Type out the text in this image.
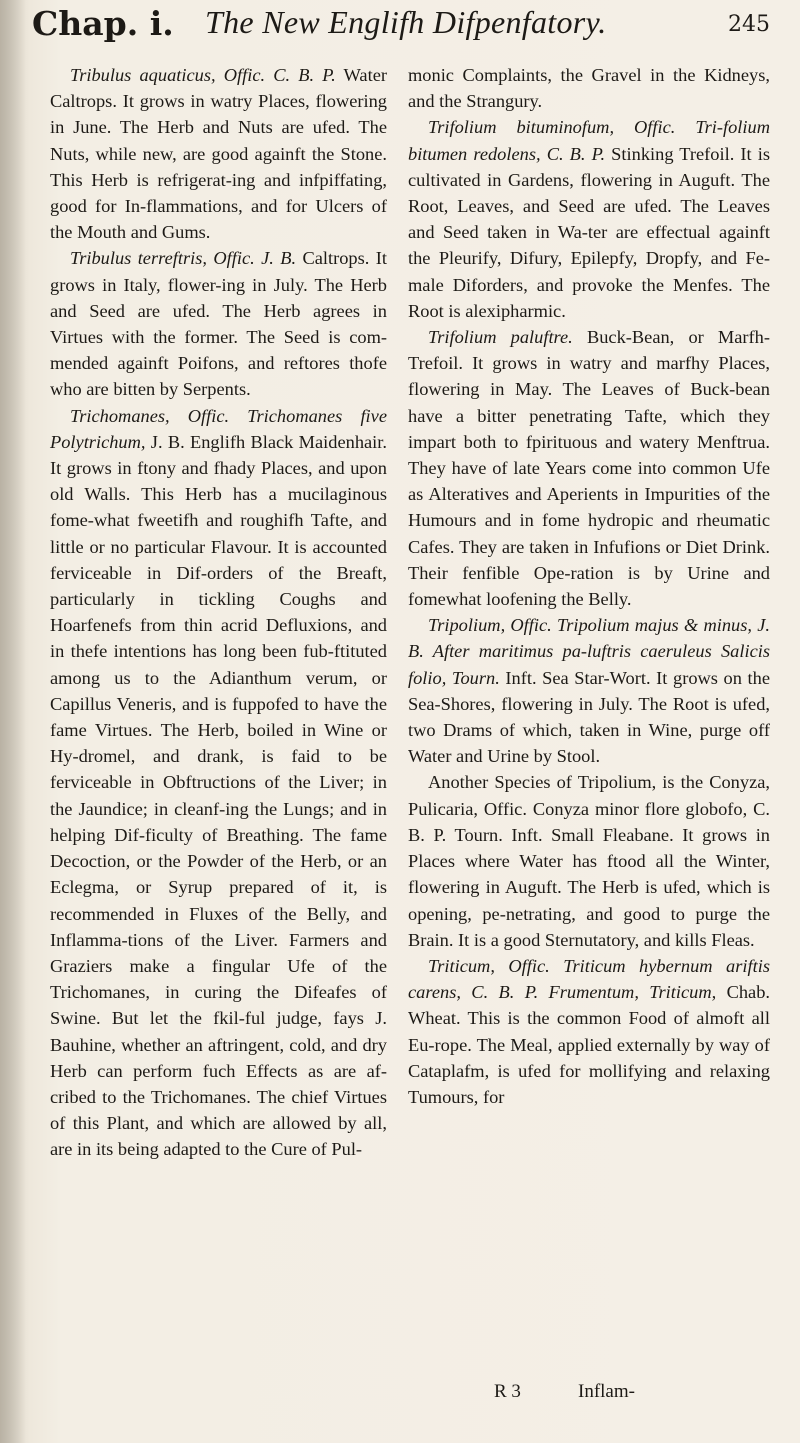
Chap. i. The New Englifh Difpenfatory.	245

Tribulus aquaticus, Offic. C. B. P. Water Caltrops. It grows in watry Places, flowering in June. The Herb and Nuts are ufed. The Nuts, while new, are good againft the Stone. This Herb is refrigerat-ing and infpiffating, good for In-flammations, and for Ulcers of the Mouth and Gums.

Tribulus terreftris, Offic. J. B. Caltrops. It grows in Italy, flower-ing in July. The Herb and Seed are ufed. The Herb agrees in Virtues with the former. The Seed is com-mended againft Poifons, and reftores thofe who are bitten by Serpents.

Trichomanes, Offic. Trichomanes five Polytrichum, J. B. Englifh Black Maidenhair. It grows in ftony and fhady Places, and upon old Walls. This Herb has a mucilaginous fome-what fweetifh and roughifh Tafte, and little or no particular Flavour. It is accounted ferviceable in Dif-orders of the Breaft, particularly in tickling Coughs and Hoarfenefs from thin acrid Defluxions, and in thefe intentions has long been fub-ftituted among us to the Adianthum verum, or Capillus Veneris, and is fuppofed to have the fame Virtues. The Herb, boiled in Wine or Hy-dromel, and drank, is faid to be ferviceable in Obftructions of the Liver; in the Jaundice; in cleanf-ing the Lungs; and in helping Dif-ficulty of Breathing. The fame Decoction, or the Powder of the Herb, or an Eclegma, or Syrup prepared of it, is recommended in Fluxes of the Belly, and Inflamma-tions of the Liver. Farmers and Graziers make a fingular Ufe of the Trichomanes, in curing the Difeafes of Swine. But let the fkil-ful judge, fays J. Bauhine, whether an aftringent, cold, and dry Herb can perform fuch Effects as are af-cribed to the Trichomanes. The chief Virtues of this Plant, and which are allowed by all, are in its being adapted to the Cure of Pul-

monic Complaints, the Gravel in the Kidneys, and the Strangury.

Trifolium bituminofum, Offic. Tri-folium bitumen redolens, C. B. P. Stinking Trefoil. It is cultivated in Gardens, flowering in Auguft. The Root, Leaves, and Seed are ufed. The Leaves and Seed taken in Wa-ter are effectual againft the Pleurify, Difury, Epilepfy, Dropfy, and Fe-male Diforders, and provoke the Menfes. The Root is alexipharmic.

Trifolium paluftre. Buck-Bean, or Marfh-Trefoil. It grows in watry and marfhy Places, flowering in May. The Leaves of Buck-bean have a bitter penetrating Tafte, which they impart both to fpirituous and watery Menftrua. They have of late Years come into common Ufe as Alteratives and Aperients in Impurities of the Humours and in fome hydropic and rheumatic Cafes. They are taken in Infufions or Diet Drink. Their fenfible Ope-ration is by Urine and fomewhat loofening the Belly.

Tripolium, Offic. Tripolium majus & minus, J. B. After maritimus pa-luftris caeruleus Salicis folio, Tourn. Inft. Sea Star-Wort. It grows on the Sea-Shores, flowering in July. The Root is ufed, two Drams of which, taken in Wine, purge off Water and Urine by Stool.

Another Species of Tripolium, is the Conyza, Pulicaria, Offic. Conyza minor flore globofo, C. B. P. Tourn. Inft. Small Fleabane. It grows in Places where Water has ftood all the Winter, flowering in Auguft. The Herb is ufed, which is opening, pe-netrating, and good to purge the Brain. It is a good Sternutatory, and kills Fleas.

Triticum, Offic. Triticum hybernum ariftis carens, C. B. P. Frumentum, Triticum, Chab. Wheat. This is the common Food of almoft all Eu-rope. The Meal, applied externally by way of Cataplafm, is ufed for mollifying and relaxing Tumours, for

R 3	Inflam-
